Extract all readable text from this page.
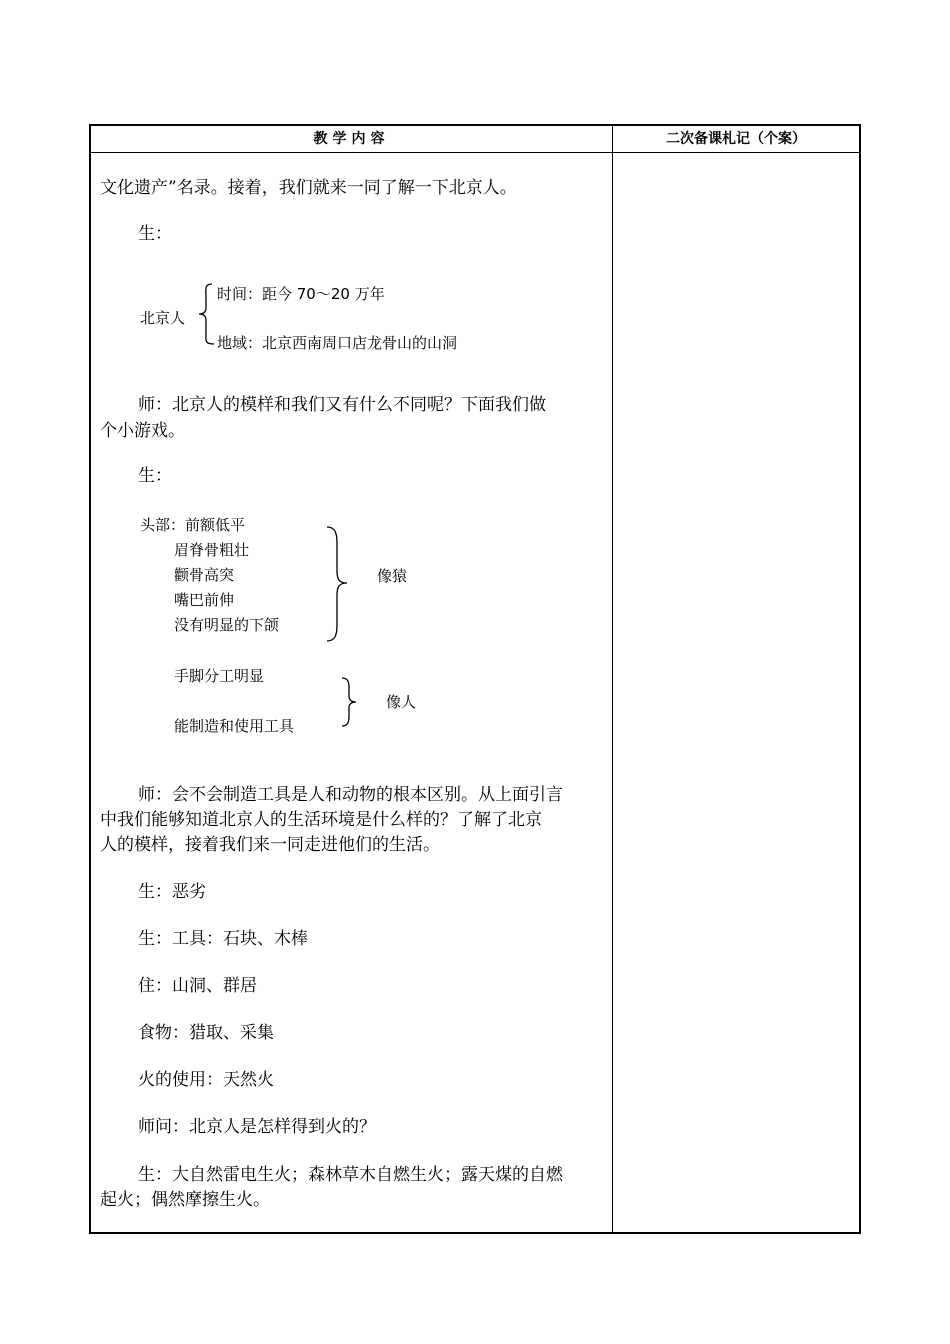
教学内容	二次备课札记（个案）
文化遗产”名录。接着，我们就来一同了解一下北京人。
生：
北京人
时间：距今 70～20 万年
地域：北京西南周口店龙骨山的山洞
师：北京人的模样和我们又有什么不同呢？下面我们做
个小游戏。
生：
头部：前额低平
眉脊骨粗壮
颧骨高突
嘴巴前伸
没有明显的下颌
像猿
手脚分工明显
能制造和使用工具
像人
师：会不会制造工具是人和动物的根本区别。从上面引言
中我们能够知道北京人的生活环境是什么样的？了解了北京
人的模样，接着我们来一同走进他们的生活。
生：恶劣
生：工具：石块、木棒
住：山洞、群居
食物：猎取、采集
火的使用：天然火
师问：北京人是怎样得到火的？
生：大自然雷电生火；森林草木自燃生火；露天煤的自燃
起火；偶然摩擦生火。
